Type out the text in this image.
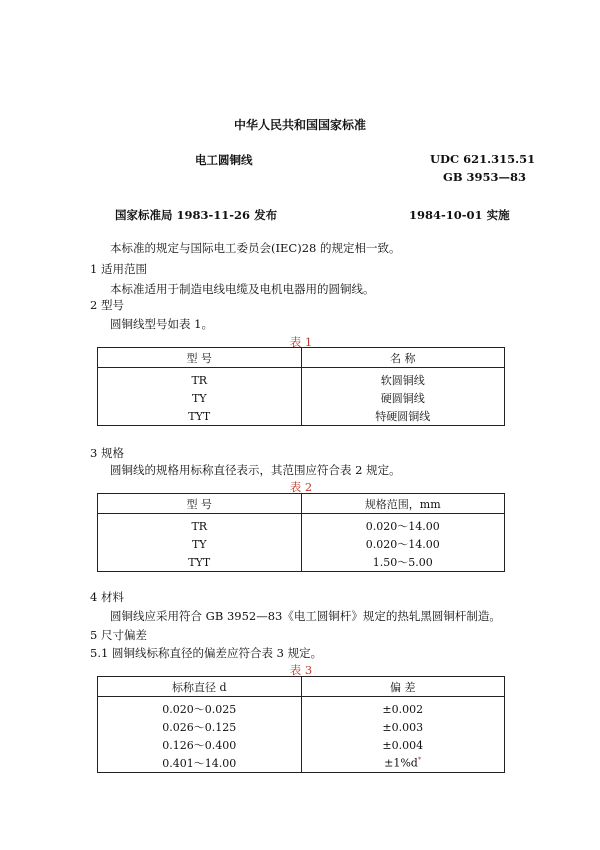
中华人民共和国国家标准
电工圆铜线	UDC 621.315.51
GB 3953—83
国家标准局 1983-11-26 发布	1984-10-01 实施
本标准的规定与国际电工委员会(IEC)28 的规定相一致。
1 适用范围
本标准适用于制造电线电缆及电机电器用的圆铜线。
2 型号
圆铜线型号如表 1。
表 1
型 号	名 称
TR	软圆铜线
TY	硬圆铜线
TYT	特硬圆铜线
3 规格
圆铜线的规格用标称直径表示，其范围应符合表 2 规定。
表 2
型 号	规格范围，mm
TR	0.020～14.00
TY	0.020～14.00
TYT	1.50～5.00
4 材料
圆铜线应采用符合 GB 3952—83《电工圆铜杆》规定的热轧黑圆铜杆制造。
5 尺寸偏差
5.1 圆铜线标称直径的偏差应符合表 3 规定。
表 3
标称直径 d	偏 差
0.020～0.025	±0.002
0.026～0.125	±0.003
0.126～0.400	±0.004
0.401～14.00	±1%d*
